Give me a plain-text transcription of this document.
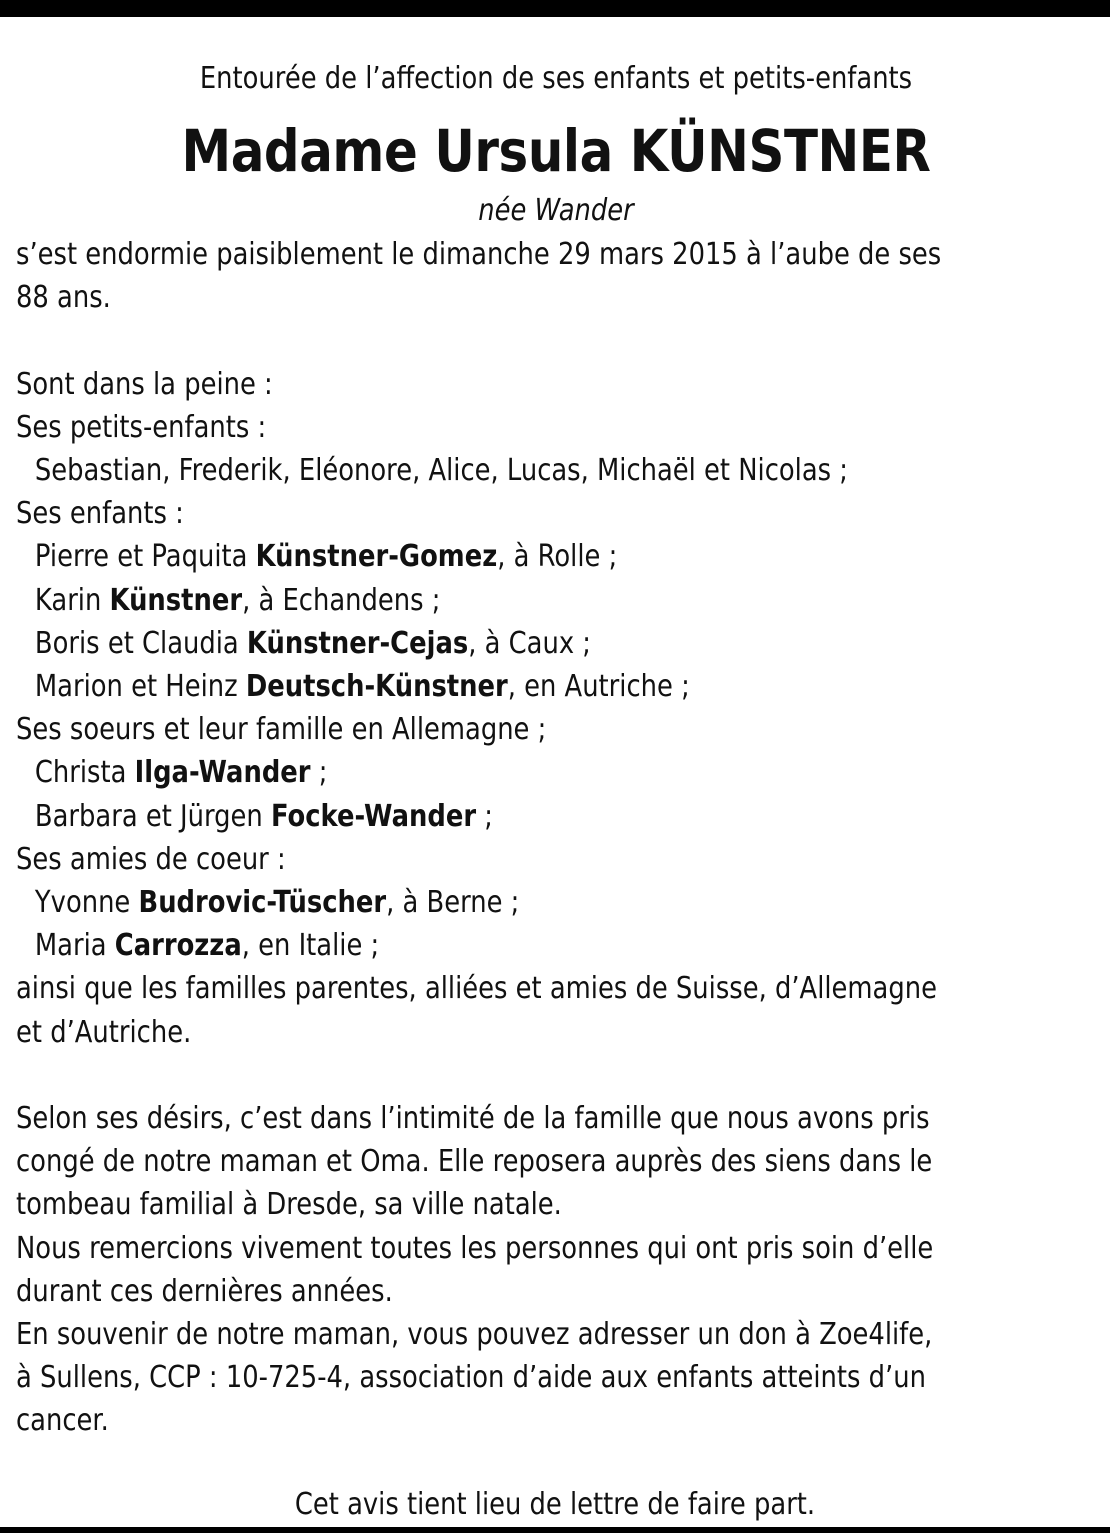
Entourée de l’affection de ses enfants et petits-enfants
Madame Ursula KÜNSTNER
née Wander
s’est endormie paisiblement le dimanche 29 mars 2015 à l’aube de ses
88 ans.
Sont dans la peine :
Ses petits-enfants :
Sebastian, Frederik, Eléonore, Alice, Lucas, Michaël et Nicolas ;
Ses enfants :
Pierre et Paquita Künstner-Gomez, à Rolle ;
Karin Künstner, à Echandens ;
Boris et Claudia Künstner-Cejas, à Caux ;
Marion et Heinz Deutsch-Künstner, en Autriche ;
Ses soeurs et leur famille en Allemagne ;
Christa Ilga-Wander ;
Barbara et Jürgen Focke-Wander ;
Ses amies de coeur :
Yvonne Budrovic-Tüscher, à Berne ;
Maria Carrozza, en Italie ;
ainsi que les familles parentes, alliées et amies de Suisse, d’Allemagne
et d’Autriche.
Selon ses désirs, c’est dans l’intimité de la famille que nous avons pris
congé de notre maman et Oma. Elle reposera auprès des siens dans le
tombeau familial à Dresde, sa ville natale.
Nous remercions vivement toutes les personnes qui ont pris soin d’elle
durant ces dernières années.
En souvenir de notre maman, vous pouvez adresser un don à Zoe4life,
à Sullens, CCP : 10-725-4, association d’aide aux enfants atteints d’un
cancer.
Cet avis tient lieu de lettre de faire part.
